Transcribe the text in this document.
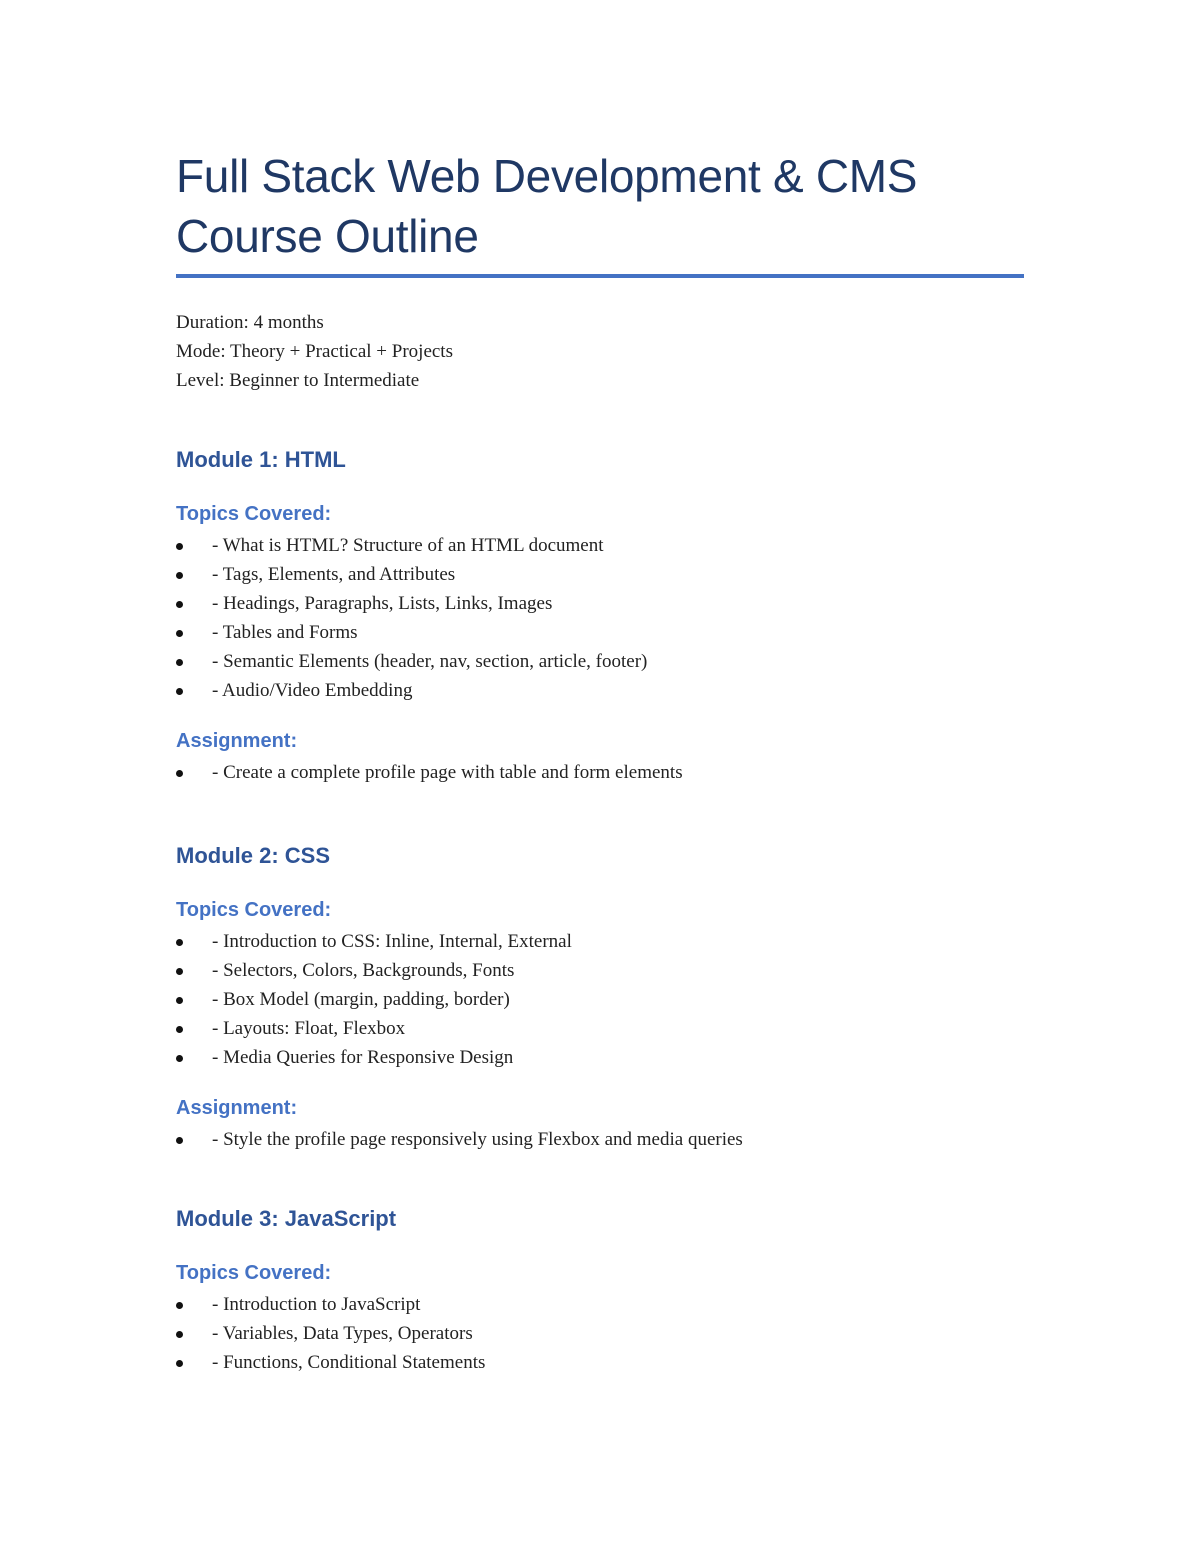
Full Stack Web Development & CMS
Course Outline
Duration: 4 months
Mode: Theory + Practical + Projects
Level: Beginner to Intermediate
Module 1: HTML
Topics Covered:
- What is HTML? Structure of an HTML document
- Tags, Elements, and Attributes
- Headings, Paragraphs, Lists, Links, Images
- Tables and Forms
- Semantic Elements (header, nav, section, article, footer)
- Audio/Video Embedding
Assignment:
- Create a complete profile page with table and form elements
Module 2: CSS
Topics Covered:
- Introduction to CSS: Inline, Internal, External
- Selectors, Colors, Backgrounds, Fonts
- Box Model (margin, padding, border)
- Layouts: Float, Flexbox
- Media Queries for Responsive Design
Assignment:
- Style the profile page responsively using Flexbox and media queries
Module 3: JavaScript
Topics Covered:
- Introduction to JavaScript
- Variables, Data Types, Operators
- Functions, Conditional Statements
